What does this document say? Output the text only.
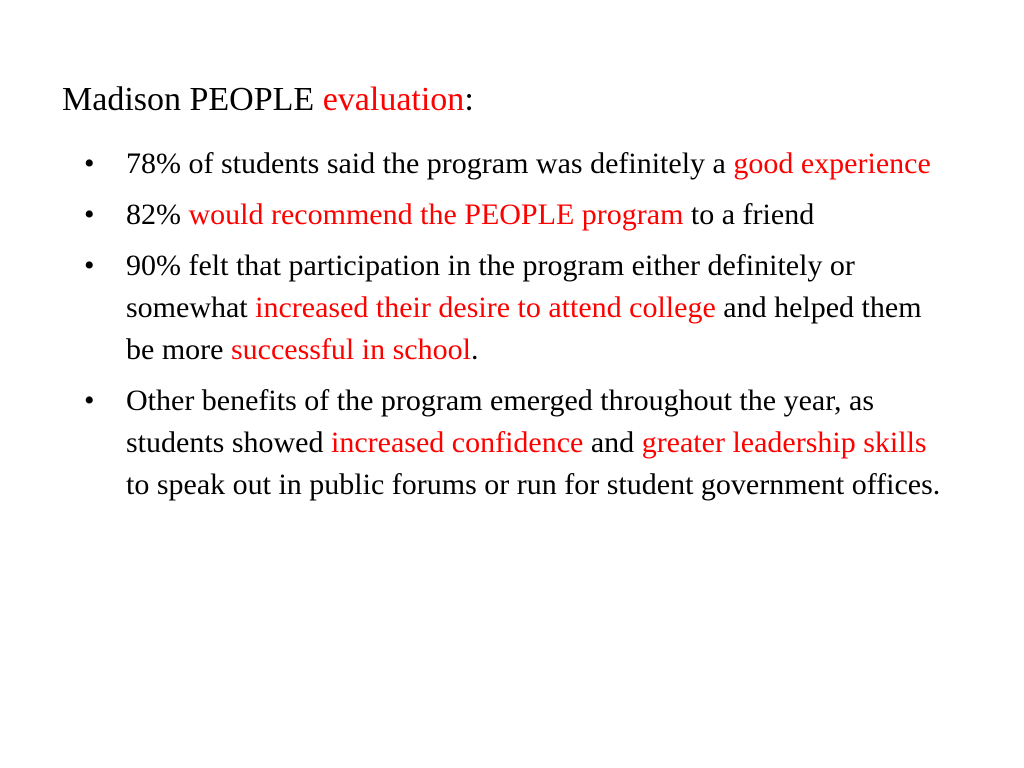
Madison PEOPLE evaluation:
•	78% of students said the program was definitely a good experience
•	82% would recommend the PEOPLE program to a friend
•	90% felt that participation in the program either definitely or somewhat increased their desire to attend college and helped them be more successful in school.
•	Other benefits of the program emerged throughout the year, as students showed increased confidence and greater leadership skills to speak out in public forums or run for student government offices.
